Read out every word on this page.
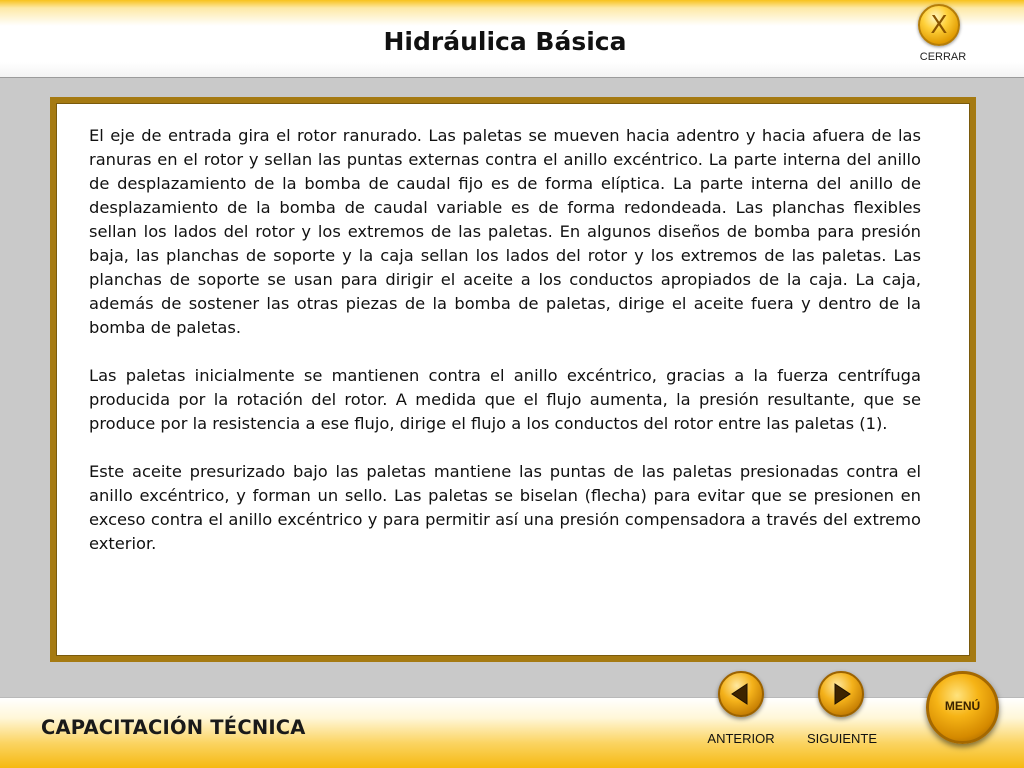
Hidráulica Básica
X
CERRAR

El eje de entrada gira el rotor ranurado. Las paletas se mueven hacia adentro y hacia afuera de las ranuras en el rotor y sellan las puntas externas contra el anillo excéntrico. La parte interna del anillo de desplazamiento de la bomba de caudal fijo es de forma elíptica. La parte interna del anillo de desplazamiento de la bomba de caudal variable es de forma redondeada. Las planchas flexibles sellan los lados del rotor y los extremos de las paletas. En algunos diseños de bomba para presión baja, las planchas de soporte y la caja sellan los lados del rotor y los extremos de las paletas. Las planchas de soporte se usan para dirigir el aceite a los conductos apropiados de la caja. La caja, además de sostener las otras piezas de la bomba de paletas, dirige el aceite fuera y dentro de la bomba de paletas.

Las paletas inicialmente se mantienen contra el anillo excéntrico, gracias a la fuerza centrífuga producida por la rotación del rotor. A medida que el flujo aumenta, la presión resultante, que se produce por la resistencia a ese flujo, dirige el flujo a los conductos del rotor entre las paletas (1).

Este aceite presurizado bajo las paletas mantiene las puntas de las paletas presionadas contra el anillo excéntrico, y forman un sello. Las paletas se biselan (flecha) para evitar que se presionen en exceso contra el anillo excéntrico y para permitir así una presión compensadora a través del extremo exterior.

CAPACITACIÓN TÉCNICA	ANTERIOR	SIGUIENTE
MENÚ
